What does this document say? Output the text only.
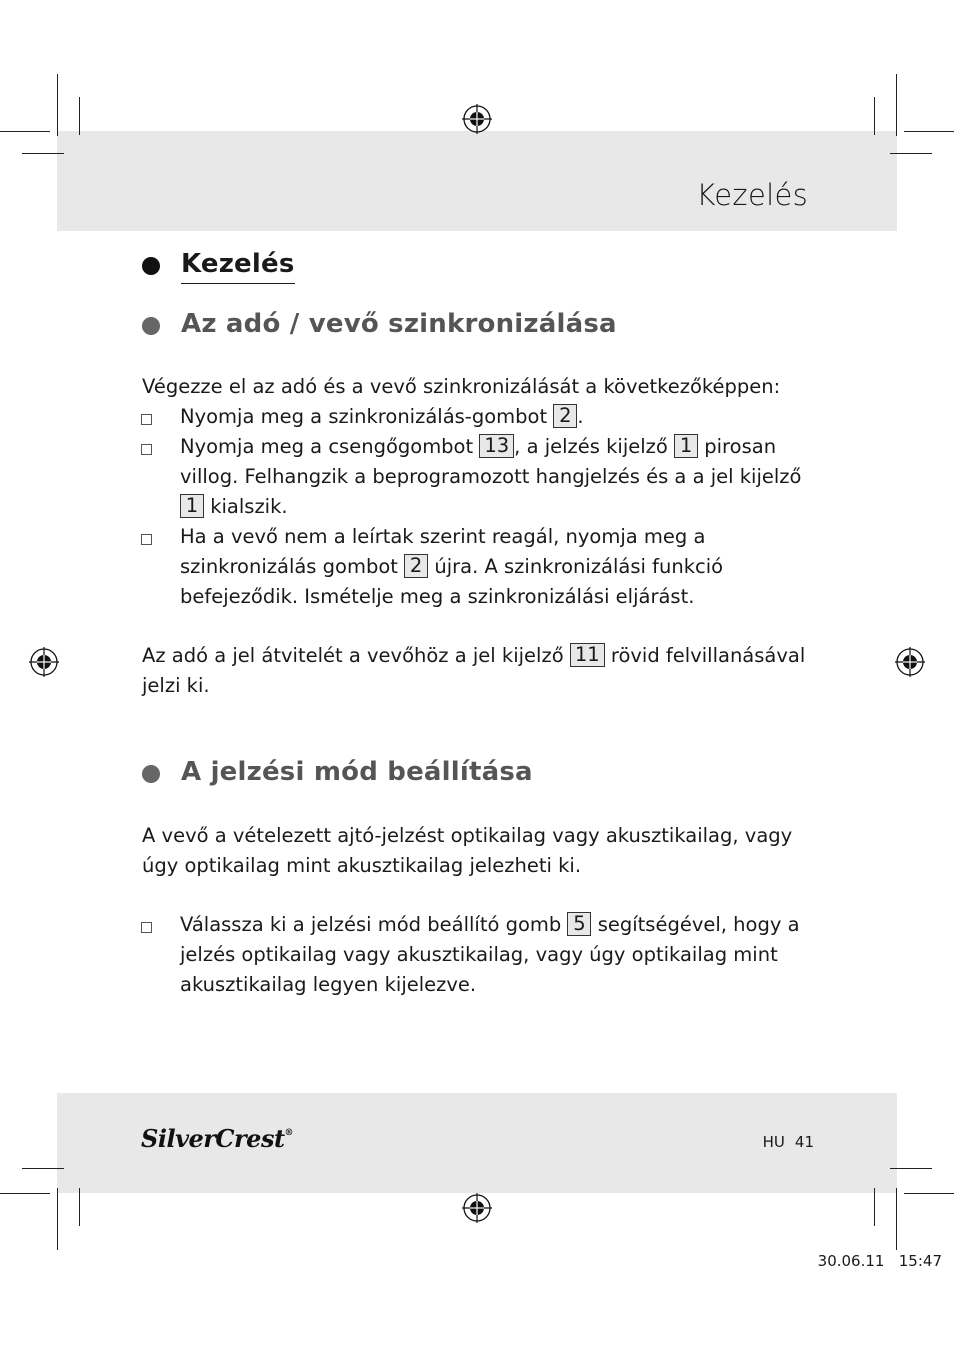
Kezelés
Kezelés
Az adó / vevő szinkronizálása
Végezze el az adó és a vevő szinkronizálását a következőképpen:
Nyomja meg a szinkronizálás-gombot 2 .
Nyomja meg a csengőgombot 13 , a jelzés kijelző 1 pirosan villog. Felhangzik a beprogramozott hangjelzés és a a jel kijelző 1 kialszik.
Ha a vevő nem a leírtak szerint reagál, nyomja meg a szinkronizálás gombot 2 újra. A szinkronizálási funkció befejeződik. Ismételje meg a szinkronizálási eljárást.
Az adó a jel átvitelét a vevőhöz a jel kijelző 11 rövid felvillanásával jelzi ki.
A jelzési mód beállítása
A vevő a vételezett ajtó-jelzést optikailag vagy akusztikailag, vagy úgy optikailag mint akusztikailag jelezheti ki.
Válassza ki a jelzési mód beállító gomb 5 segítségével, hogy a jelzés optikailag vagy akusztikailag, vagy úgy optikailag mint akusztikailag legyen kijelezve.
SilverCrest®	HU 41
30.06.11 15:47
